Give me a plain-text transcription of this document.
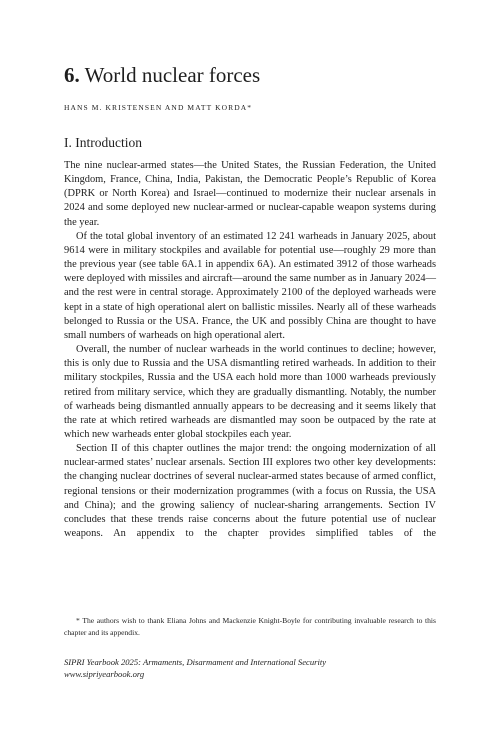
6. World nuclear forces

HANS M. KRISTENSEN AND MATT KORDA*

I. Introduction

The nine nuclear-armed states—the United States, the Russian Federation, the United Kingdom, France, China, India, Pakistan, the Democratic People’s Republic of Korea (DPRK or North Korea) and Israel—continued to modernize their nuclear arsenals in 2024 and some deployed new nuclear-armed or nuclear-capable weapon systems during the year.

Of the total global inventory of an estimated 12 241 warheads in January 2025, about 9614 were in military stockpiles and available for potential use—roughly 29 more than the previous year (see table 6A.1 in appendix 6A). An estimated 3912 of those warheads were deployed with missiles and aircraft—around the same number as in January 2024—and the rest were in central storage. Approximately 2100 of the deployed warheads were kept in a state of high operational alert on ballistic missiles. Nearly all of these warheads belonged to Russia or the USA. France, the UK and possibly China are thought to have small numbers of warheads on high operational alert.

Overall, the number of nuclear warheads in the world continues to decline; however, this is only due to Russia and the USA dismantling retired warheads. In addition to their military stockpiles, Russia and the USA each hold more than 1000 warheads previously retired from military service, which they are gradually dismantling. Notably, the number of warheads being dismantled annually appears to be decreasing and it seems likely that the rate at which retired warheads are dismantled may soon be outpaced by the rate at which new warheads enter global stockpiles each year.

Section II of this chapter outlines the major trend: the ongoing modernization of all nuclear-armed states’ nuclear arsenals. Section III explores two other key developments: the changing nuclear doctrines of several nuclear-armed states because of armed conflict, regional tensions or their modernization programmes (with a focus on Russia, the USA and China); and the growing saliency of nuclear-sharing arrangements. Section IV concludes that these trends raise concerns about the future potential use of nuclear weapons. An appendix to the chapter provides simplified tables of the

* The authors wish to thank Eliana Johns and Mackenzie Knight-Boyle for contributing invaluable research to this chapter and its appendix.

SIPRI Yearbook 2025: Armaments, Disarmament and International Security
www.sipriyearbook.org
